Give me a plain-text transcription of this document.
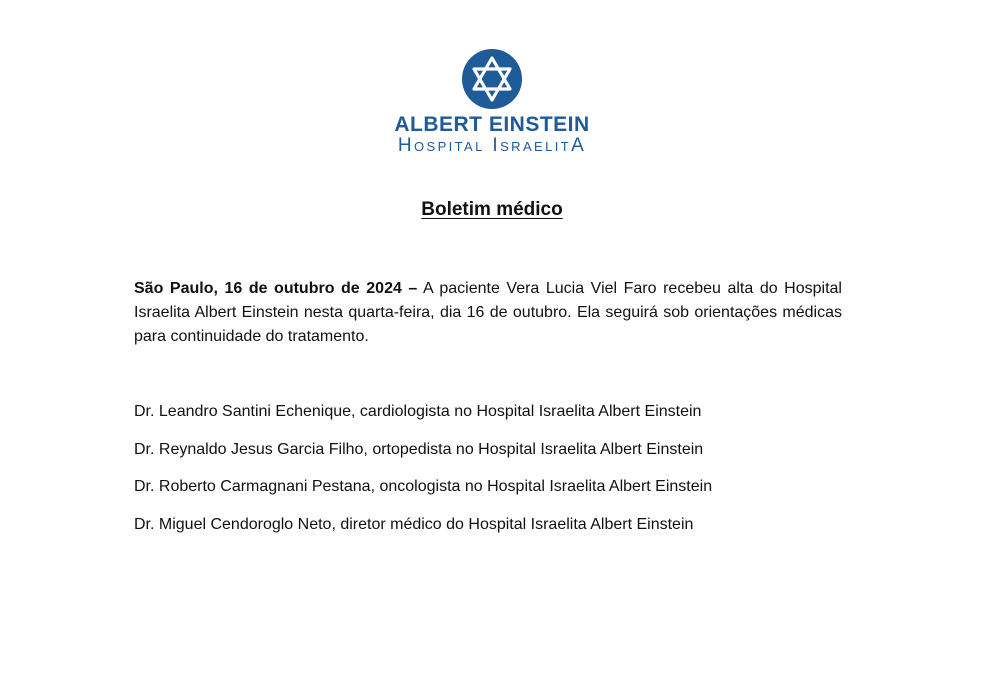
ALBERT EINSTEIN
Hospital IsraelitA
Boletim médico

São Paulo, 16 de outubro de 2024 – A paciente Vera Lucia Viel Faro recebeu alta do Hospital Israelita Albert Einstein nesta quarta-feira, dia 16 de outubro. Ela seguirá sob orientações médicas para continuidade do tratamento.

Dr. Leandro Santini Echenique, cardiologista no Hospital Israelita Albert Einstein
Dr. Reynaldo Jesus Garcia Filho, ortopedista no Hospital Israelita Albert Einstein
Dr. Roberto Carmagnani Pestana, oncologista no Hospital Israelita Albert Einstein
Dr. Miguel Cendoroglo Neto, diretor médico do Hospital Israelita Albert Einstein
